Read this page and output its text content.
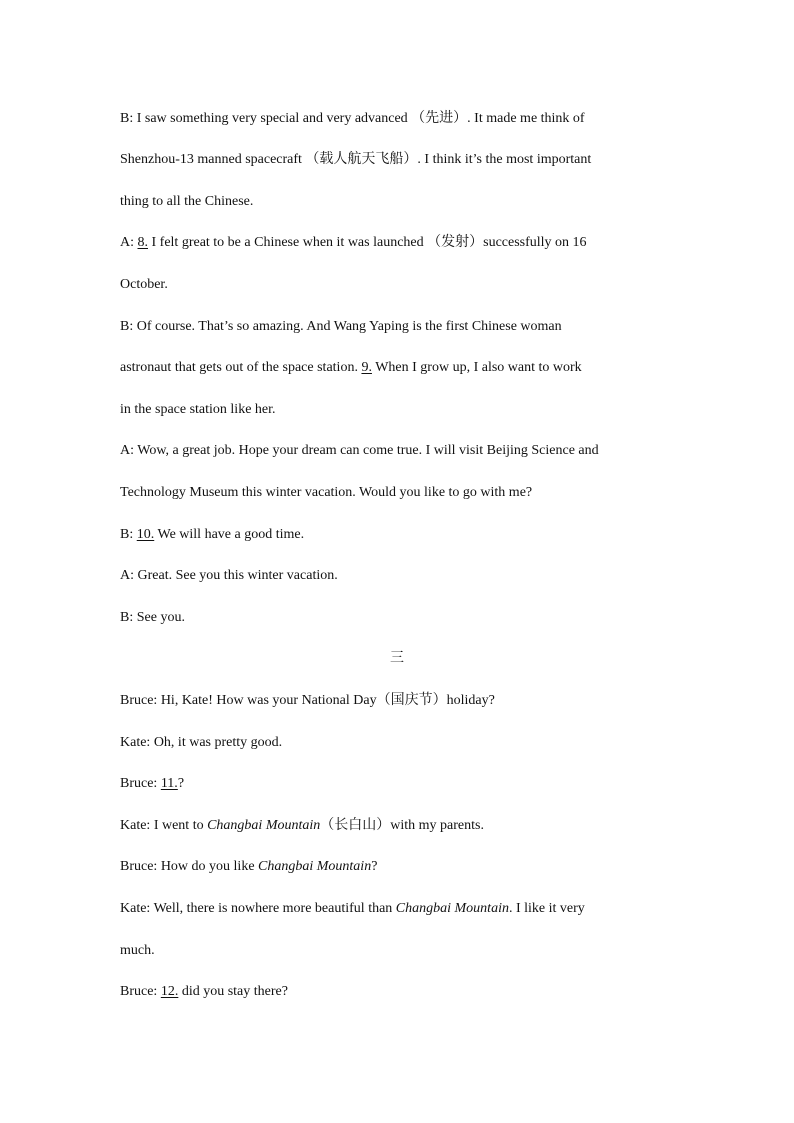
B: I saw something very special and very advanced （先进）. It made me think of
Shenzhou-13 manned spacecraft （载人航天飞船）. I think it’s the most important
thing to all the Chinese.
A: 8. I felt great to be a Chinese when it was launched （发射）successfully on 16
October.
B: Of course. That’s so amazing. And Wang Yaping is the first Chinese woman
astronaut that gets out of the space station. 9. When I grow up, I also want to work
in the space station like her.
A: Wow, a great job. Hope your dream can come true. I will visit Beijing Science and
Technology Museum this winter vacation. Would you like to go with me?
B: 10. We will have a good time.
A: Great. See you this winter vacation.
B: See you.
三
Bruce: Hi, Kate! How was your National Day（国庆节）holiday?
Kate: Oh, it was pretty good.
Bruce: 11.?
Kate: I went to Changbai Mountain（长白山）with my parents.
Bruce: How do you like Changbai Mountain?
Kate: Well, there is nowhere more beautiful than Changbai Mountain. I like it very
much.
Bruce: 12. did you stay there?
